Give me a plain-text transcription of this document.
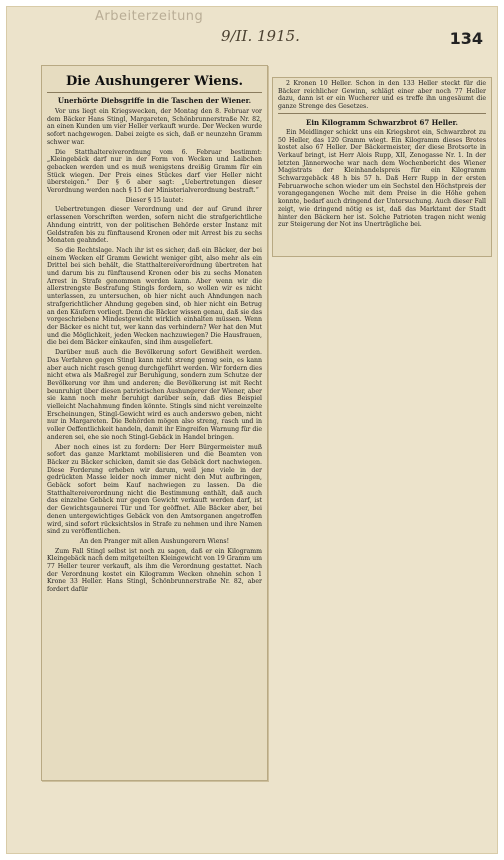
Arbeiterzeitung
9/II. 1915.	134
Die Aushungerer Wiens.
Unerhörte Diebsgriffe in die Taschen der Wiener.

Vor uns liegt ein Kriegswecken, der Montag den 8. Februar vor dem Bäcker Hans Stingl, Margareten, Schönbrunnerstraße Nr. 82, an einen Kunden um vier Heller verkauft wurde. Der Wecken wurde sofort nachgewogen. Dabei zeigte es sich, daß er neunzehn Gramm schwer war.

Die Statthaltereiverordnung vom 6. Februar bestimmt: „Kleingebäck darf nur in der Form von Wecken und Laibchen gebacken werden und es muß wenigstens dreißig Gramm für ein Stück wiegen. Der Preis eines Stückes darf vier Heller nicht übersteigen.“ Der § 6 aber sagt: „Uebertretungen dieser Verordnung werden nach § 15 der Ministerialverordnung bestraft.“

Dieser § 15 lautet:

Uebertretungen dieser Verordnung und der auf Grund ihrer erlassenen Vorschriften werden, sofern nicht die strafgerichtliche Ahndung eintritt, von der politischen Behörde erster Instanz mit Geldstrafen bis zu fünftausend Kronen oder mit Arrest bis zu sechs Monaten geahndet.

So die Rechtslage. Nach ihr ist es sicher, daß ein Bäcker, der bei einem Wecken elf Gramm Gewicht weniger gibt, also mehr als ein Drittel bei sich behält, die Statthaltereiverordnung übertreten hat und darum bis zu fünftausend Kronen oder bis zu sechs Monaten Arrest in Strafe genommen werden kann. Aber wenn wir die allerstrengste Bestrafung Stingls fordern, so wollen wir es nicht unterlassen, zu untersuchen, ob hier nicht auch Ahndungen nach strafgerichtlicher Ahndung gegeben sind, ob hier nicht ein Betrug an den Käufern vorliegt. Denn die Bäcker wissen genau, daß sie das vorgeschriebene Mindestgewicht wirklich einhalten müssen. Wenn der Bäcker es nicht tut, wer kann das verhindern? Wer hat den Mut und die Möglichkeit, jeden Wecken nachzuwiegen? Die Hausfrauen, die bei dem Bäcker einkaufen, sind ihm ausgeliefert.

Darüber muß auch die Bevölkerung sofort Gewißheit werden. Das Verfahren gegen Stingl kann nicht streng genug sein, es kann aber auch nicht rasch genug durchgeführt werden. Wir fordern dies nicht etwa als Maßregel zur Beruhigung, sondern zum Schutze der Bevölkerung vor ihm und anderen; die Bevölkerung ist mit Recht beunruhigt über diesen patriotischen Aushungerer der Wiener, aber sie kann noch mehr beruhigt darüber sein, daß dies Beispiel vielleicht Nachahmung finden könnte. Stingls sind nicht vereinzelte Erscheinungen, Stingl-Gewicht wird es auch anderswo geben, nicht nur in Margareten. Die Behörden mögen also streng, rasch und in voller Oeffentlichkeit handeln, damit ihr Eingreifen Warnung für die anderen sei, ehe sie noch Stingl-Gebäck in Handel bringen.

Aber noch eines ist zu fordern: Der Herr Bürgermeister muß sofort das ganze Marktamt mobilisieren und die Beamten von Bäcker zu Bäcker schicken, damit sie das Gebäck dort nachwiegen. Diese Forderung erheben wir darum, weil jene viele in der gedrückten Masse leider noch immer nicht den Mut aufbringen, Gebäck sofort beim Kauf nachwiegen zu lassen. Da die Statthaltereiverordnung nicht die Bestimmung enthält, daß auch das einzelne Gebäck nur gegen Gewicht verkauft werden darf, ist der Gewichtsgaunerei Tür und Tor geöffnet. Alle Bäcker aber, bei denen untergewichtiges Gebäck von den Amtsorganen angetroffen wird, sind sofort rücksichtslos in Strafe zu nehmen und ihre Namen sind zu veröffentlichen.

An den Pranger mit allen Aushungerern Wiens!

Zum Fall Stingl selbst ist noch zu sagen, daß er ein Kilogramm Kleingebäck nach dem mitgeteilten Kleingewicht von 19 Gramm um 77 Heller teurer verkauft, als ihm die Verordnung gestattet. Nach der Verordnung kostet ein Kilogramm Wecken ohnehin schon 1 Krone 33 Heller. Hans Stingl, Schönbrunnerstraße Nr. 82, aber fordert dafür

2 Kronen 10 Heller. Schon in den 133 Heller steckt für die Bäcker reichlicher Gewinn, schlägt einer aber noch 77 Heller dazu, dann ist er ein Wucherer und es treffe ihn ungesäumt die ganze Strenge des Gesetzes.

Ein Kilogramm Schwarzbrot 67 Heller.

Ein Meidlinger schickt uns ein Kriegsbrot ein, Schwarzbrot zu 50 Heller, das 120 Gramm wiegt. Ein Kilogramm dieses Brotes kostet also 67 Heller. Der Bäckermeister, der diese Brotsorte in Verkauf bringt, ist Herr Alois Rupp, XII, Zenogasse Nr. 1. In der letzten Jännerwoche war nach dem Wochenbericht des Wiener Magistrats der Kleinhandelspreis für ein Kilogramm Schwarzgebäck 48 h bis 57 h. Daß Herr Rupp in der ersten Februarwoche schon wieder um ein Sechstel den Höchstpreis der vorangegangenen Woche mit dem Preise in die Höhe gehen konnte, bedarf auch dringend der Untersuchung. Auch dieser Fall zeigt, wie dringend nötig es ist, daß das Marktamt der Stadt hinter den Bäckern her ist. Solche Patrioten tragen nicht wenig zur Steigerung der Not ins Unerträgliche bei.
